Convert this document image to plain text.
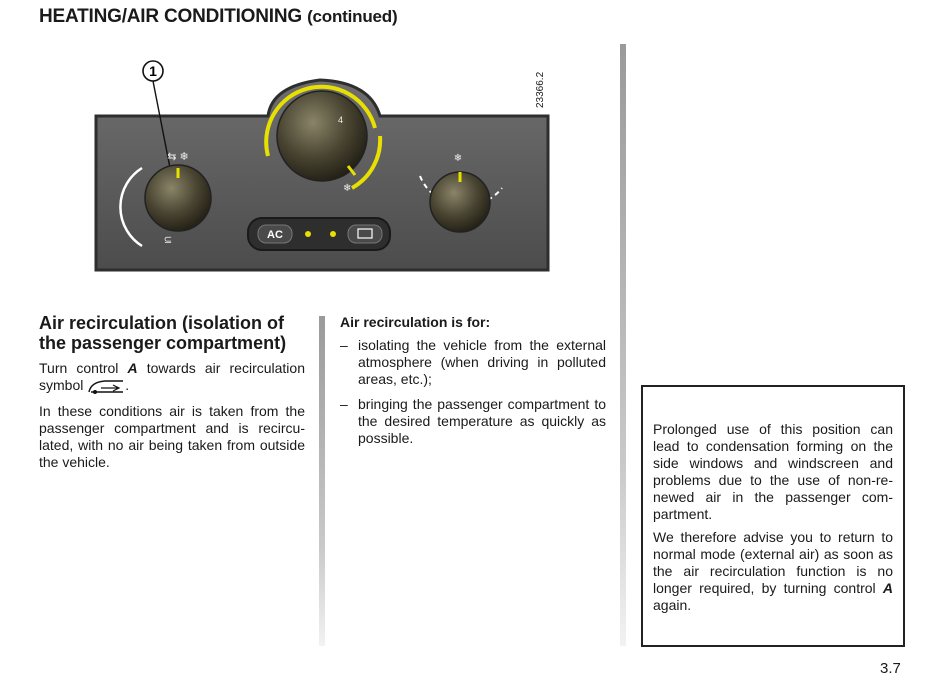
HEATING/AIR CONDITIONING (continued)
1
⇆ ❄
⊆
4
❄
❄
AC
23366.2
Air recirculation (isolation of the passenger compartment)
Turn control A towards air recirculation symbol	.
In these conditions air is taken from the passenger compartment and is recirculated, with no air being taken from outside the vehicle.
Air recirculation is for:
– isolating the vehicle from the external atmosphere (when driving in polluted areas, etc.);
– bringing the passenger compartment to the desired temperature as quickly as possible.

Prolonged use of this position can lead to condensation forming on the side windows and windscreen and problems due to the use of non-renewed air in the passenger compartment.

We therefore advise you to return to normal mode (external air) as soon as the air recirculation function is no longer required, by turning control A again.

3.7
